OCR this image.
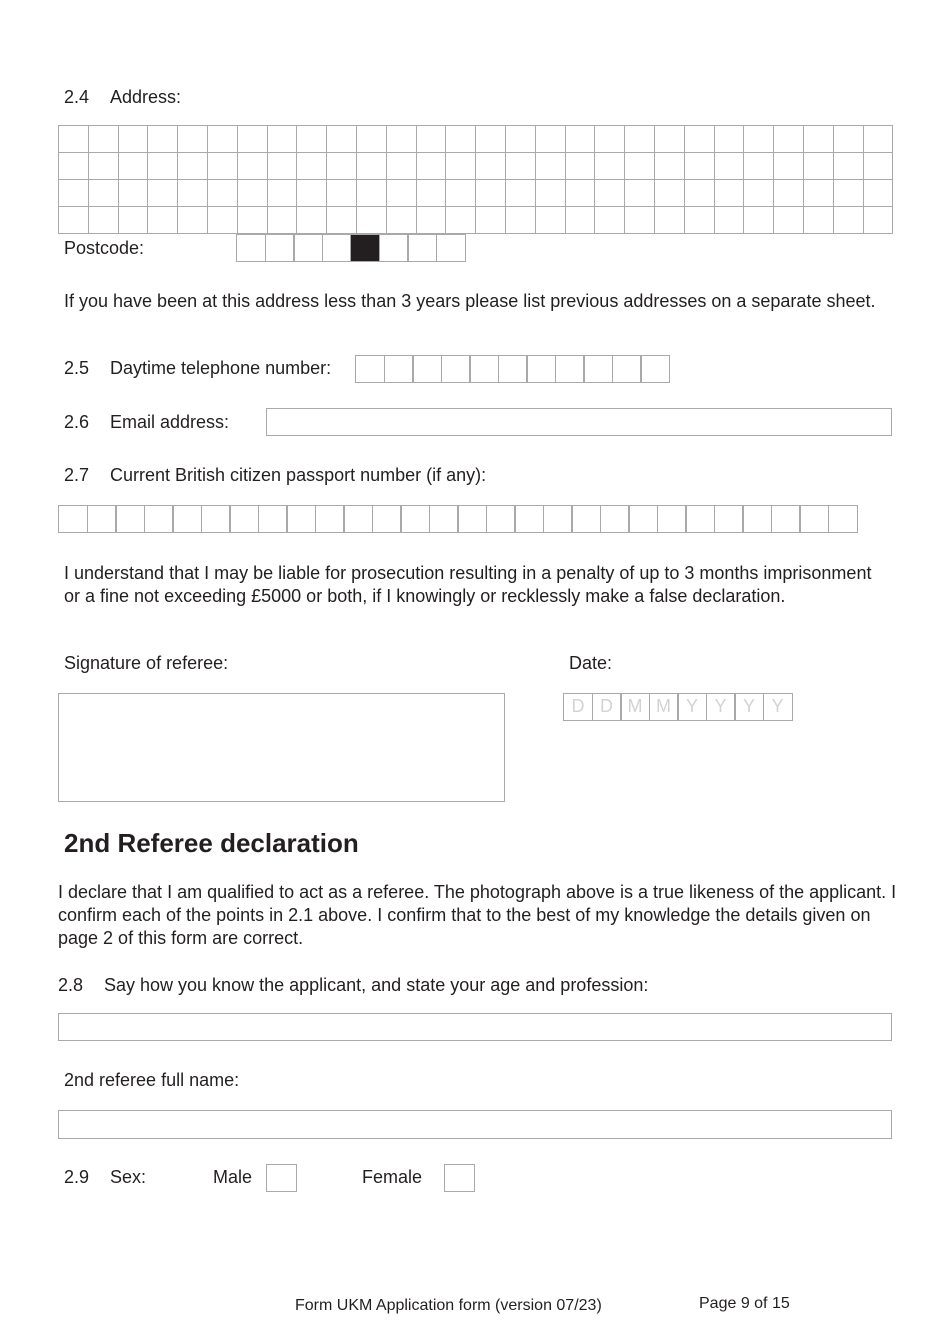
2.4 Address:

Postcode:
If you have been at this address less than 3 years please list previous addresses on a separate sheet.
2.5 Daytime telephone number:
2.6 Email address:
2.7 Current British citizen passport number (if any):
I understand that I may be liable for prosecution resulting in a penalty of up to 3 months imprisonment or a fine not exceeding £5000 or both, if I knowingly or recklessly make a false declaration.
Signature of referee:	Date:
D D M M Y Y Y Y
2nd Referee declaration
I declare that I am qualified to act as a referee. The photograph above is a true likeness of the applicant. I confirm each of the points in 2.1 above. I confirm that to the best of my knowledge the details given on page 2 of this form are correct.
2.8 Say how you know the applicant, and state your age and profession:
2nd referee full name:
2.9 Sex:	Male	Female
Form UKM Application form (version 07/23)	Page 9 of 15
